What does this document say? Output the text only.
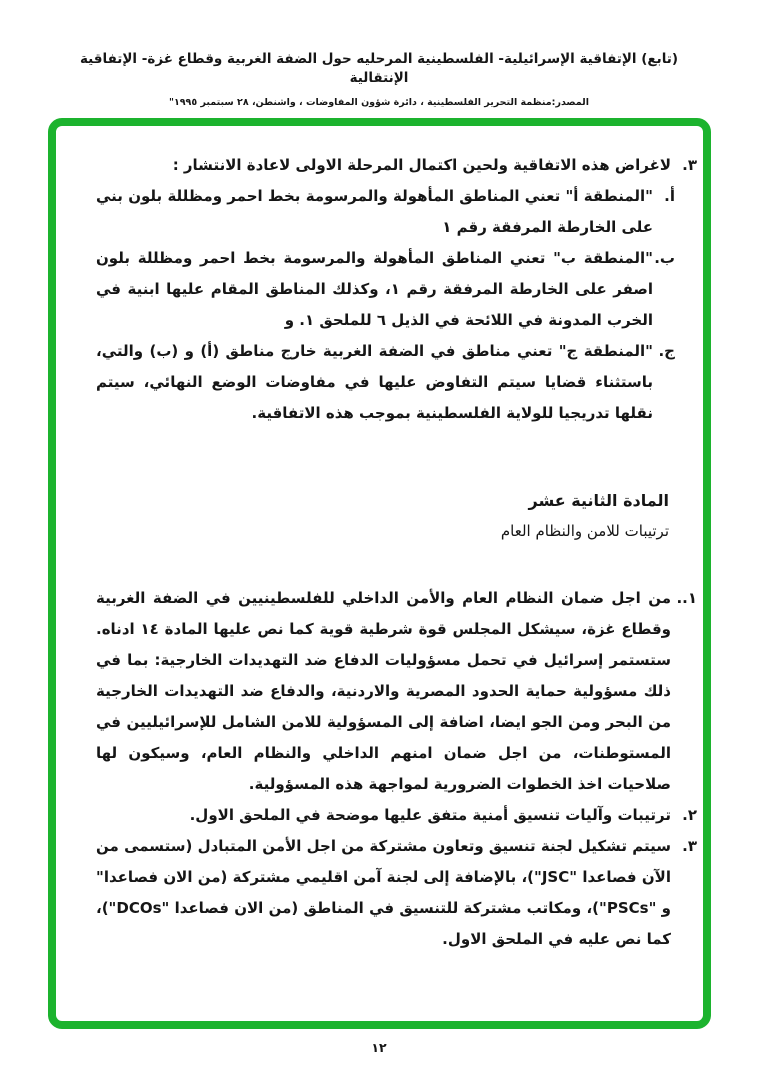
(تابع) الإتفاقية الإسرائيلية- الفلسطينية المرحليه حول الضفة الغربية وقطاع غزة- الإتفاقية الإنتقالية
المصدر:منظمة التحرير الفلسطينية ، دائرة شؤون المفاوضات ، واشنطن، ٢٨ سبتمبر ١٩٩٥"
٣.
لاغراض هذه الاتفاقية ولحين اكتمال المرحلة الاولى لاعادة الانتشار :
أ.
"المنطقة أ" تعني المناطق المأهولة والمرسومة بخط احمر ومظللة بلون بني على الخارطة المرفقة رقم ١
ب.
"المنطقة ب" تعني المناطق المأهولة والمرسومة بخط احمر ومظللة بلون اصفر على الخارطة المرفقة رقم ١، وكذلك المناطق المقام عليها ابنية في الخرب المدونة في اللائحة في الذيل ٦ للملحق ١. و
ج.
"المنطقة ج" تعني مناطق في الضفة الغربية خارج مناطق (أ) و (ب) والتي، باستثناء قضايا سيتم التفاوض عليها في مفاوضات الوضع النهائي، سيتم نقلها تدريجيا للولاية الفلسطينية بموجب هذه الاتفاقية.
المادة الثانية عشر
ترتيبات للامن والنظام العام
١..
من اجل ضمان النظام العام والأمن الداخلي للفلسطينيين في الضفة الغربية وقطاع غزة، سيشكل المجلس قوة شرطية قوية كما نص عليها المادة ١٤ ادناه. ستستمر إسرائيل في تحمل مسؤوليات الدفاع ضد التهديدات الخارجية: بما في ذلك مسؤولية حماية الحدود المصرية والاردنية، والدفاع ضد التهديدات الخارجية من البحر ومن الجو ايضا، اضافة إلى المسؤولية للامن الشامل للإسرائيليين في المستوطنات، من اجل ضمان امنهم الداخلي والنظام العام، وسيكون لها صلاحيات اخذ الخطوات الضرورية لمواجهة هذه المسؤولية.
٢.
ترتيبات وآليات تنسيق أمنية متفق عليها موضحة في الملحق الاول.
٣.
سيتم تشكيل لجنة تنسيق وتعاون مشتركة من اجل الأمن المتبادل (ستسمى من الآن فصاعدا "JSC")، بالإضافة إلى لجنة آمن اقليمي مشتركة (من الان فصاعدا" و "PSCs")، ومكاتب مشتركة للتنسيق في المناطق (من الان فصاعدا "DCOs")، كما نص عليه في الملحق الاول.
١٢
